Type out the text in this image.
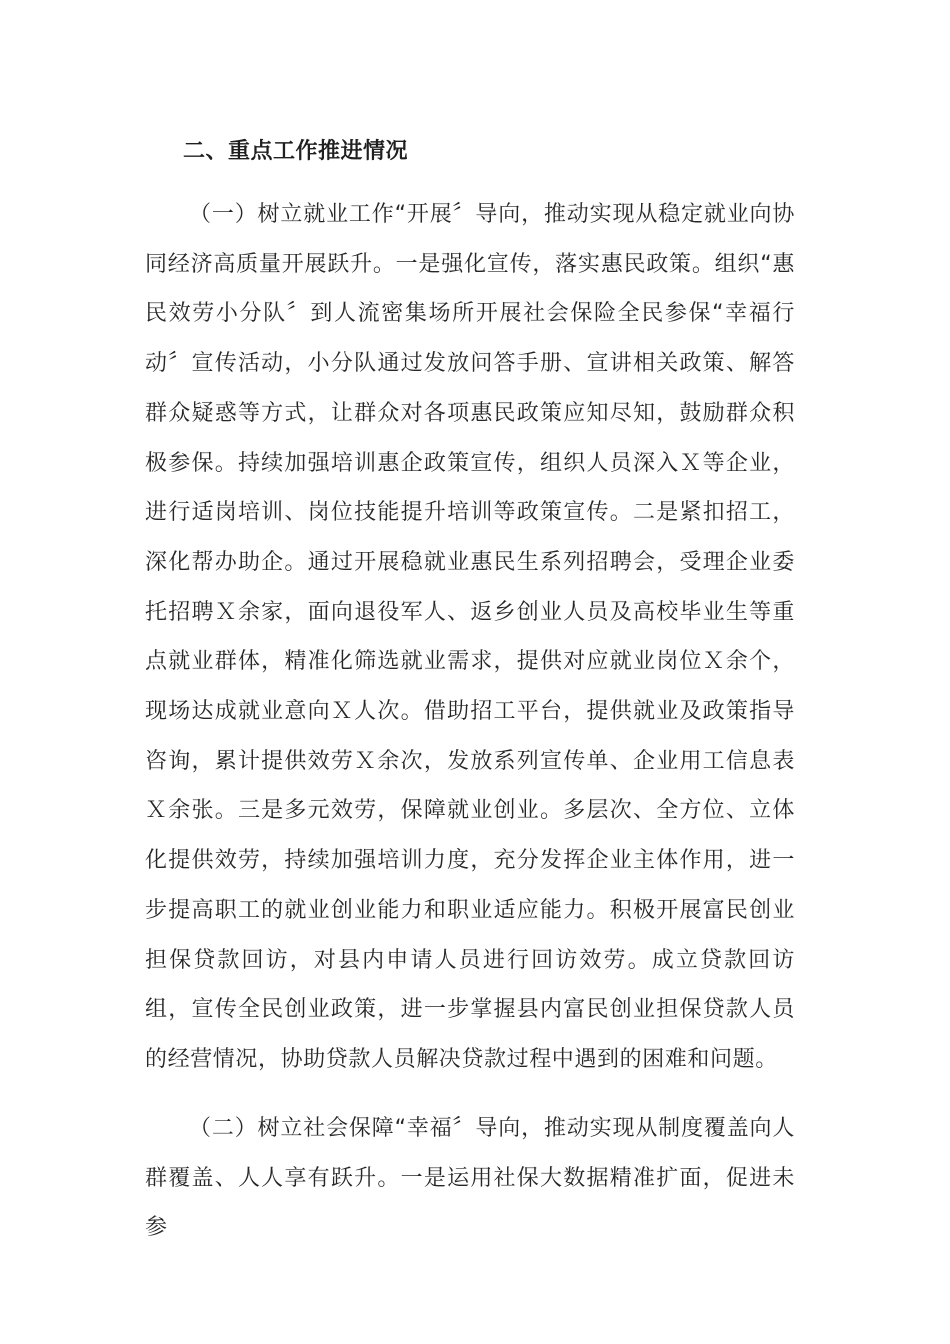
二、重点工作推进情况

（一）树立就业工作“开展〞导向，推动实现从稳定就业向协同经济高质量开展跃升。一是强化宣传，落实惠民政策。组织“惠民效劳小分队〞到人流密集场所开展社会保险全民参保“幸福行动〞宣传活动，小分队通过发放问答手册、宣讲相关政策、解答群众疑惑等方式，让群众对各项惠民政策应知尽知，鼓励群众积极参保。持续加强培训惠企政策宣传，组织人员深入Ｘ等企业，进行适岗培训、岗位技能提升培训等政策宣传。二是紧扣招工，深化帮办助企。通过开展稳就业惠民生系列招聘会，受理企业委托招聘Ｘ余家，面向退役军人、返乡创业人员及高校毕业生等重点就业群体，精准化筛选就业需求，提供对应就业岗位Ｘ余个，现场达成就业意向Ｘ人次。借助招工平台，提供就业及政策指导咨询，累计提供效劳Ｘ余次，发放系列宣传单、企业用工信息表Ｘ余张。三是多元效劳，保障就业创业。多层次、全方位、立体化提供效劳，持续加强培训力度，充分发挥企业主体作用，进一步提高职工的就业创业能力和职业适应能力。积极开展富民创业担保贷款回访，对县内申请人员进行回访效劳。成立贷款回访组，宣传全民创业政策，进一步掌握县内富民创业担保贷款人员的经营情况，协助贷款人员解决贷款过程中遇到的困难和问题。

（二）树立社会保障“幸福〞导向，推动实现从制度覆盖向人群覆盖、人人享有跃升。一是运用社保大数据精准扩面，促进未参
